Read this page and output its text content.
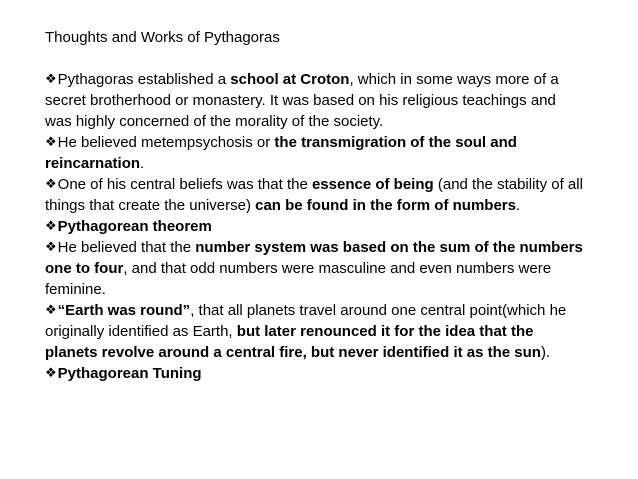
Thoughts and Works of Pythagoras

❖Pythagoras established a school at Croton, which in some ways more of a secret brotherhood or monastery. It was based on his religious teachings and was highly concerned of the morality of the society.

❖He believed metempsychosis or the transmigration of the soul and reincarnation.

❖One of his central beliefs was that the essence of being (and the stability of all things that create the universe) can be found in the form of numbers.

❖Pythagorean theorem

❖He believed that the number system was based on the sum of the numbers one to four, and that odd numbers were masculine and even numbers were feminine.

❖“Earth was round”, that all planets travel around one central point(which he originally identified as Earth, but later renounced it for the idea that the planets revolve around a central fire, but never identified it as the sun).

❖Pythagorean Tuning
